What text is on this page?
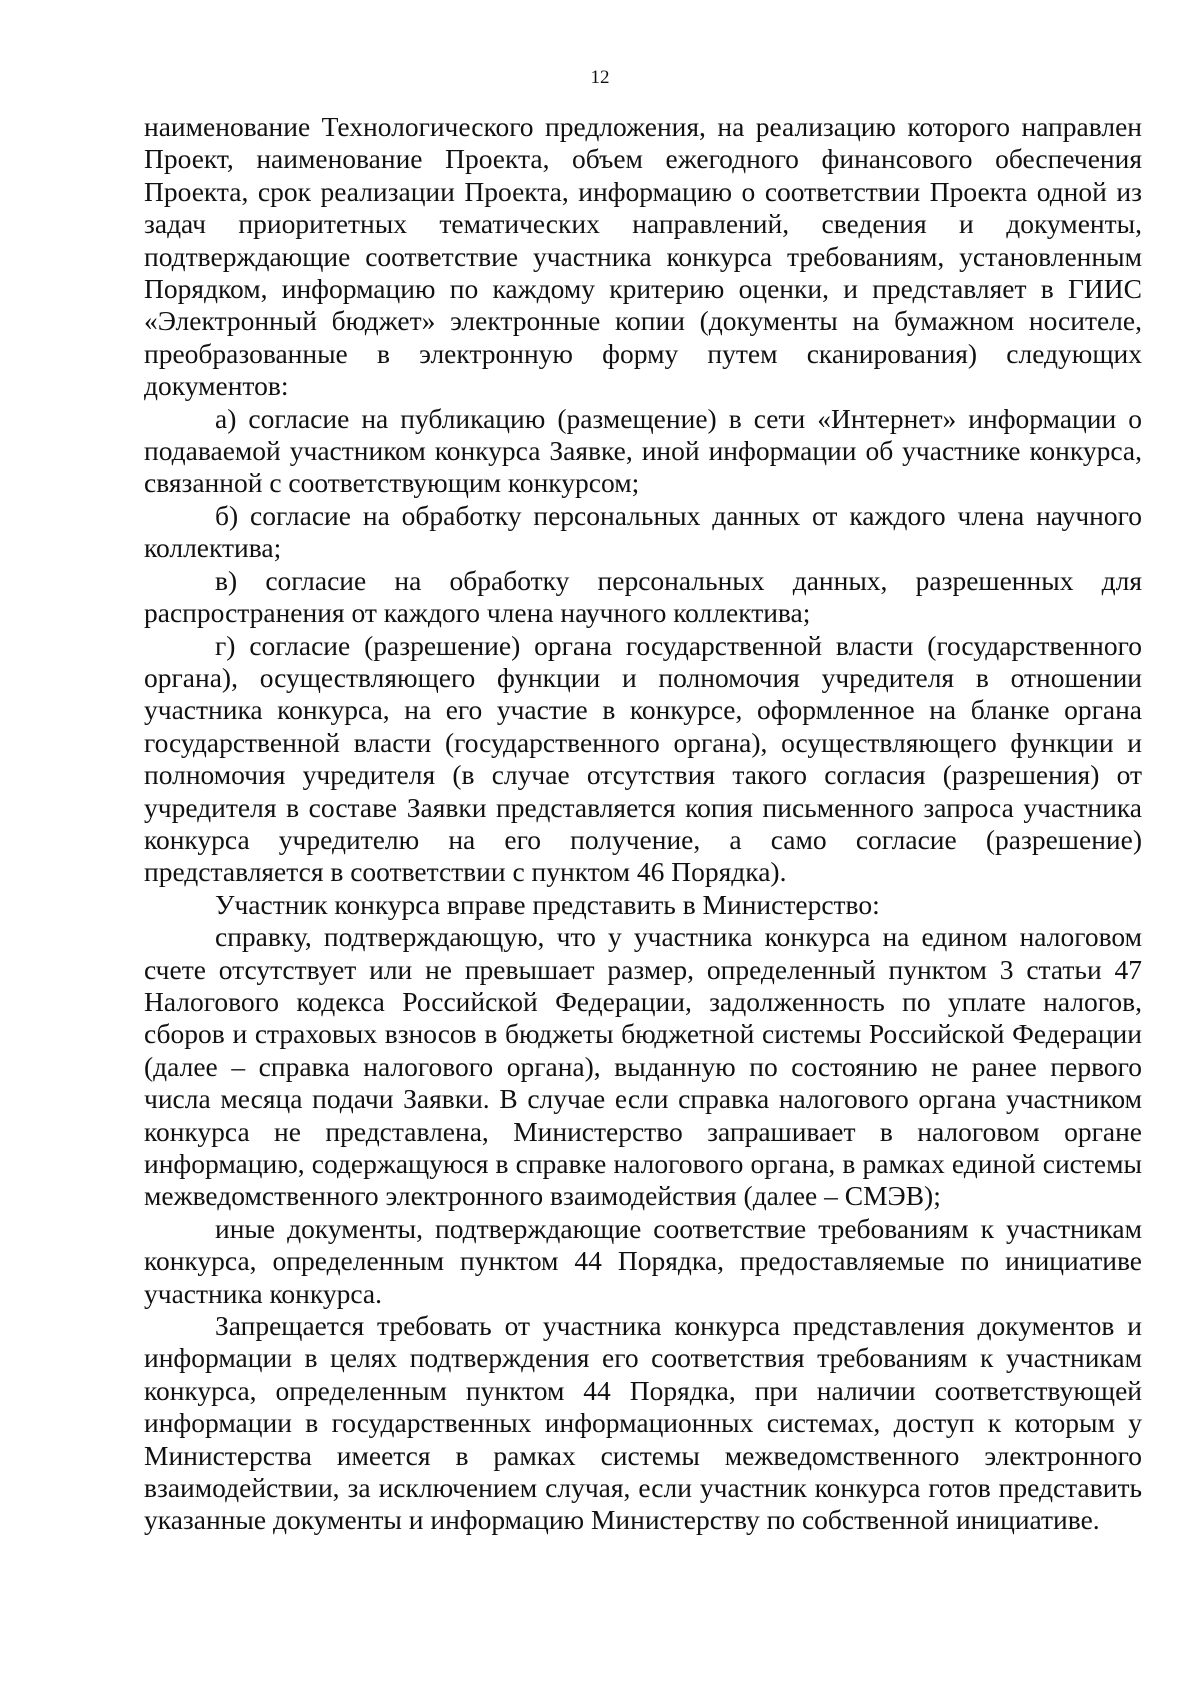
12

наименование Технологического предложения, на реализацию которого направлен Проект, наименование Проекта, объем ежегодного финансового обеспечения Проекта, срок реализации Проекта, информацию о соответствии Проекта одной из задач приоритетных тематических направлений, сведения и документы, подтверждающие соответствие участника конкурса требованиям, установленным Порядком, информацию по каждому критерию оценки, и представляет в ГИИС «Электронный бюджет» электронные копии (документы на бумажном носителе, преобразованные в электронную форму путем сканирования) следующих документов:

а) согласие на публикацию (размещение) в сети «Интернет» информации о подаваемой участником конкурса Заявке, иной информации об участнике конкурса, связанной с соответствующим конкурсом;

б) согласие на обработку персональных данных от каждого члена научного коллектива;

в) согласие на обработку персональных данных, разрешенных для распространения от каждого члена научного коллектива;

г) согласие (разрешение) органа государственной власти (государственного органа), осуществляющего функции и полномочия учредителя в отношении участника конкурса, на его участие в конкурсе, оформленное на бланке органа государственной власти (государственного органа), осуществляющего функции и полномочия учредителя (в случае отсутствия такого согласия (разрешения) от учредителя в составе Заявки представляется копия письменного запроса участника конкурса учредителю на его получение, а само согласие (разрешение) представляется в соответствии с пунктом 46 Порядка).

Участник конкурса вправе представить в Министерство:

справку, подтверждающую, что у участника конкурса на едином налоговом счете отсутствует или не превышает размер, определенный пунктом 3 статьи 47 Налогового кодекса Российской Федерации, задолженность по уплате налогов, сборов и страховых взносов в бюджеты бюджетной системы Российской Федерации (далее – справка налогового органа), выданную по состоянию не ранее первого числа месяца подачи Заявки. В случае если справка налогового органа участником конкурса не представлена, Министерство запрашивает в налоговом органе информацию, содержащуюся в справке налогового органа, в рамках единой системы межведомственного электронного взаимодействия (далее – СМЭВ);

иные документы, подтверждающие соответствие требованиям к участникам конкурса, определенным пунктом 44 Порядка, предоставляемые по инициативе участника конкурса.

Запрещается требовать от участника конкурса представления документов и информации в целях подтверждения его соответствия требованиям к участникам конкурса, определенным пунктом 44 Порядка, при наличии соответствующей информации в государственных информационных системах, доступ к которым у Министерства имеется в рамках системы межведомственного электронного взаимодействии, за исключением случая, если участник конкурса готов представить указанные документы и информацию Министерству по собственной инициативе.
